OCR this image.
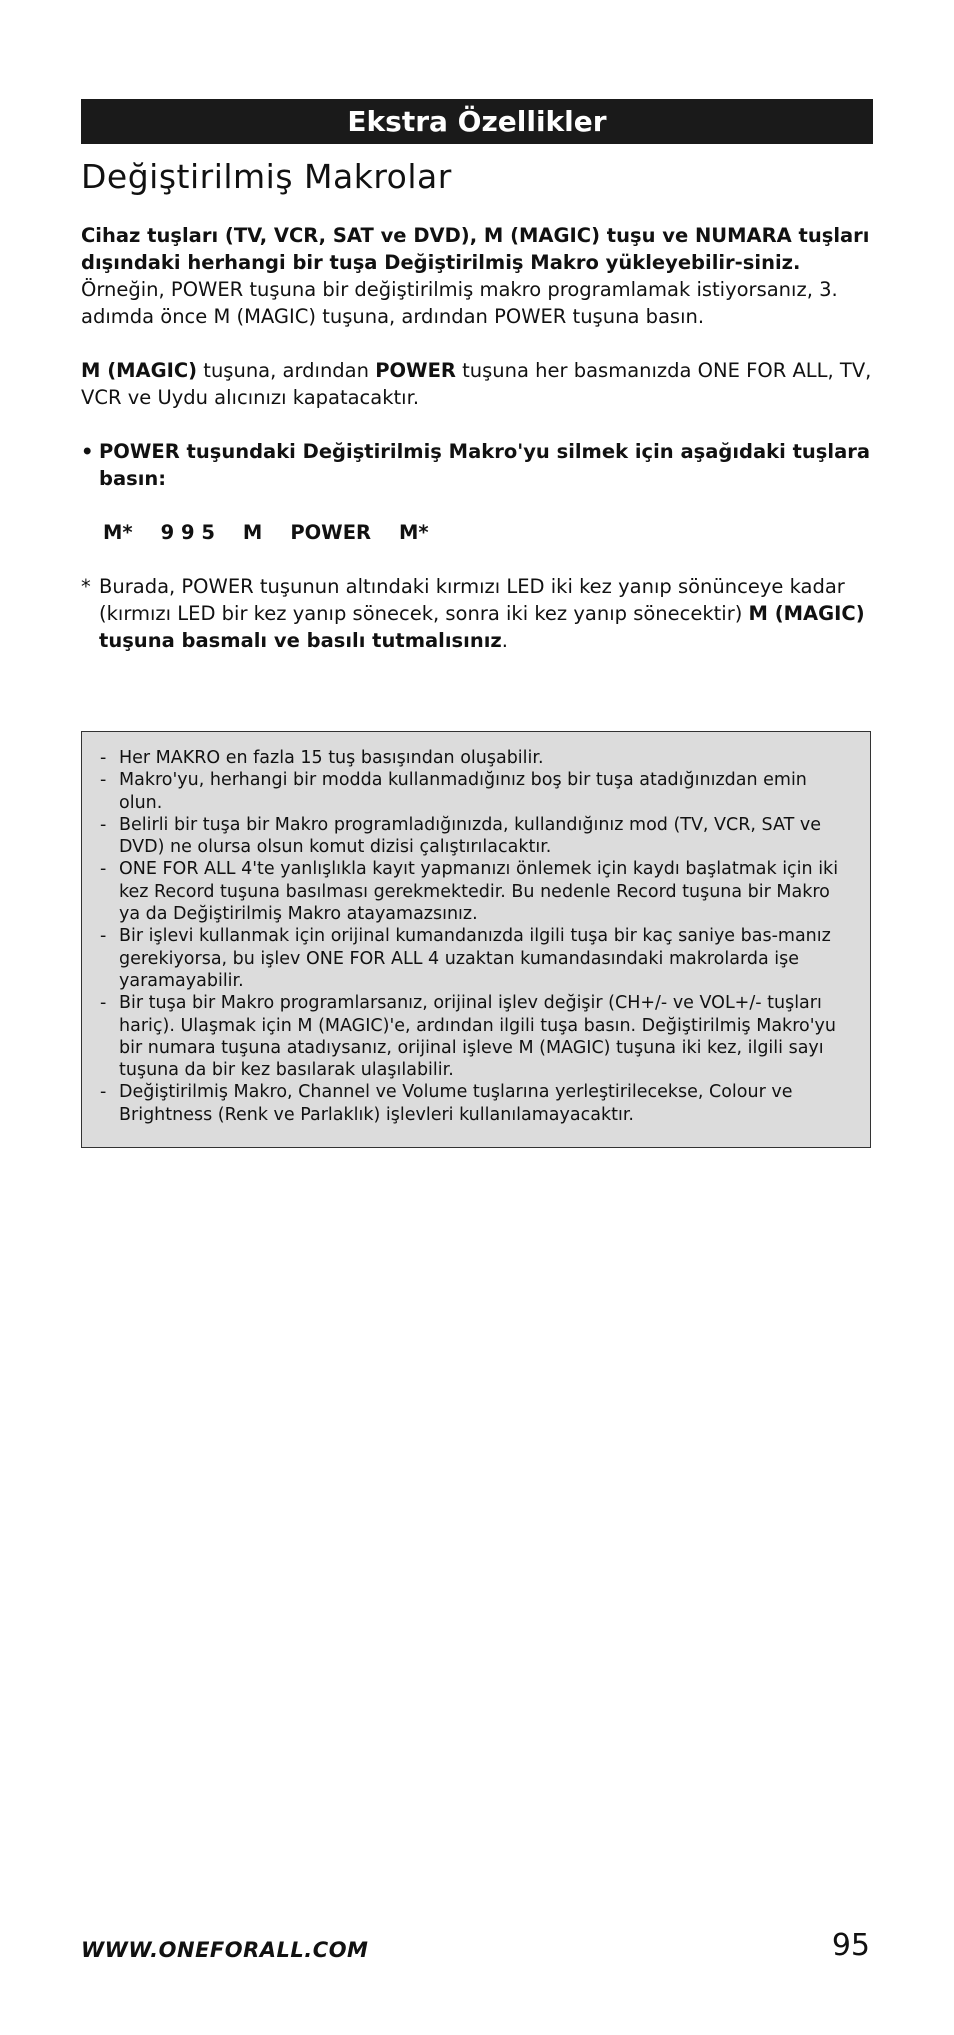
Ekstra Özellikler
Değiştirilmiş Makrolar

Cihaz tuşları (TV, VCR, SAT ve DVD), M (MAGIC) tuşu ve NUMARA tuşları dışındaki herhangi bir tuşa Değiştirilmiş Makro yükleyebilir-siniz.

Örneğin, POWER tuşuna bir değiştirilmiş makro programlamak istiyorsanız, 3. adımda önce M (MAGIC) tuşuna, ardından POWER tuşuna basın.

M (MAGIC) tuşuna, ardından POWER tuşuna her basmanızda ONE FOR ALL, TV, VCR ve Uydu alıcınızı kapatacaktır.

• POWER tuşundaki Değiştirilmiş Makro'yu silmek için aşağıdaki tuşlara basın:

M* 9 9 5 M POWER M*

* Burada, POWER tuşunun altındaki kırmızı LED iki kez yanıp sönünceye kadar (kırmızı LED bir kez yanıp sönecek, sonra iki kez yanıp sönecektir) M (MAGIC) tuşuna basmalı ve basılı tutmalısınız.
- Her MAKRO en fazla 15 tuş basışından oluşabilir.
- Makro'yu, herhangi bir modda kullanmadığınız boş bir tuşa atadığınızdan emin olun.
- Belirli bir tuşa bir Makro programladığınızda, kullandığınız mod (TV, VCR, SAT ve DVD) ne olursa olsun komut dizisi çalıştırılacaktır.
- ONE FOR ALL 4'te yanlışlıkla kayıt yapmanızı önlemek için kaydı başlatmak için iki kez Record tuşuna basılması gerekmektedir. Bu nedenle Record tuşuna bir Makro ya da Değiştirilmiş Makro atayamazsınız.
- Bir işlevi kullanmak için orijinal kumandanızda ilgili tuşa bir kaç saniye bas-manız gerekiyorsa, bu işlev ONE FOR ALL 4 uzaktan kumandasındaki makrolarda işe yaramayabilir.
- Bir tuşa bir Makro programlarsanız, orijinal işlev değişir (CH+/- ve VOL+/- tuşları hariç). Ulaşmak için M (MAGIC)'e, ardından ilgili tuşa basın. Değiştirilmiş Makro'yu bir numara tuşuna atadıysanız, orijinal işleve M (MAGIC) tuşuna iki kez, ilgili sayı tuşuna da bir kez basılarak ulaşılabilir.
- Değiştirilmiş Makro, Channel ve Volume tuşlarına yerleştirilecekse, Colour ve Brightness (Renk ve Parlaklık) işlevleri kullanılamayacaktır.
WWW.ONEFORALL.COM	95
